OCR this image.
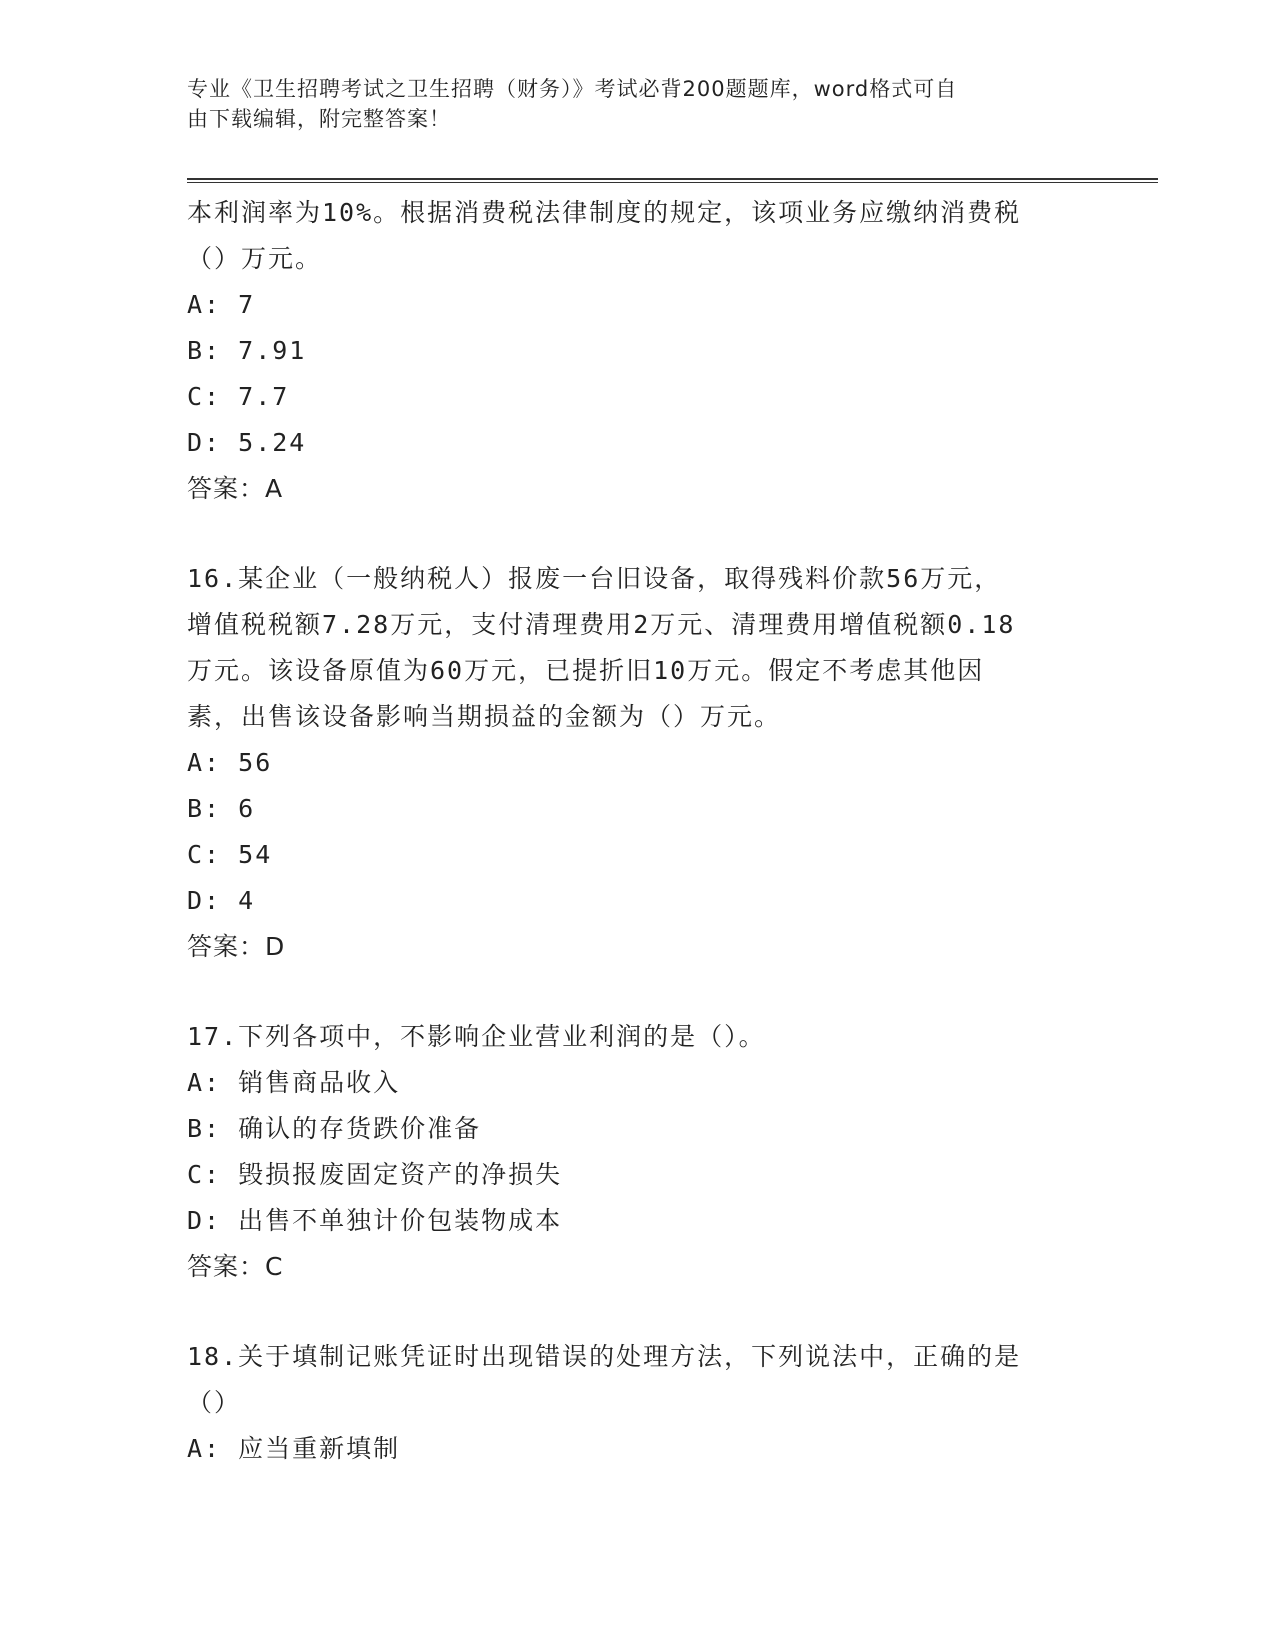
专业《卫生招聘考试之卫生招聘（财务）》考试必背200题题库，word格式可自
由下载编辑，附完整答案！
本利润率为10%。根据消费税法律制度的规定，该项业务应缴纳消费税
（）万元。
A: 7
B: 7.91
C: 7.7
D: 5.24
答案：A
16.某企业（一般纳税人）报废一台旧设备，取得残料价款56万元，
增值税税额7.28万元，支付清理费用2万元、清理费用增值税额0.18
万元。该设备原值为60万元，已提折旧10万元。假定不考虑其他因
素，出售该设备影响当期损益的金额为（）万元。
A: 56
B: 6
C: 54
D: 4
答案：D
17.下列各项中，不影响企业营业利润的是（）。
A: 销售商品收入
B: 确认的存货跌价准备
C: 毁损报废固定资产的净损失
D: 出售不单独计价包装物成本
答案：C
18.关于填制记账凭证时出现错误的处理方法，下列说法中，正确的是
（）
A: 应当重新填制
